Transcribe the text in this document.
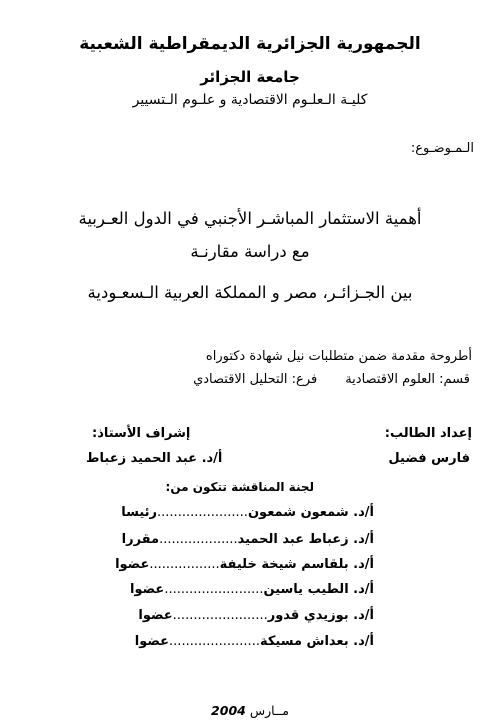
الجمهورية الجزائرية الديمقراطية الشعبية
جامعة الجزائر
كليـة الـعلـوم الاقتصادية و علـوم الـتسيير
الـمـوضـوع:
أهمية الاستثمار المباشـر الأجنبي في الدول العـربية
مع دراسة مقارنـة
بين الجـزائـر، مصر و المملكة العربية الـسعـودية
أطروحة مقدمة ضمن متطلبات نيل شهادة دكتوراه
قسم: العلوم الاقتصاديةفرع: التحليل الاقتصادي
إعداد الطالب:
إشراف الأستاذ:
فارس فضيل
أ/د. عبد الحميد زعباط
لجنة المناقشة تتكون من:
أ/د. شمعون شمعون......................رئيسا
أ/د. زعباط عبد الحميد...................مقررا
أ/د. بلقاسم شيخة خليفة.................عضوا
أ/د. الطيب ياسين........................عضوا
أ/د. بوزيدي قدور.......................عضوا
أ/د. بعداش مسيكة......................عضوا
مــارس 2004
